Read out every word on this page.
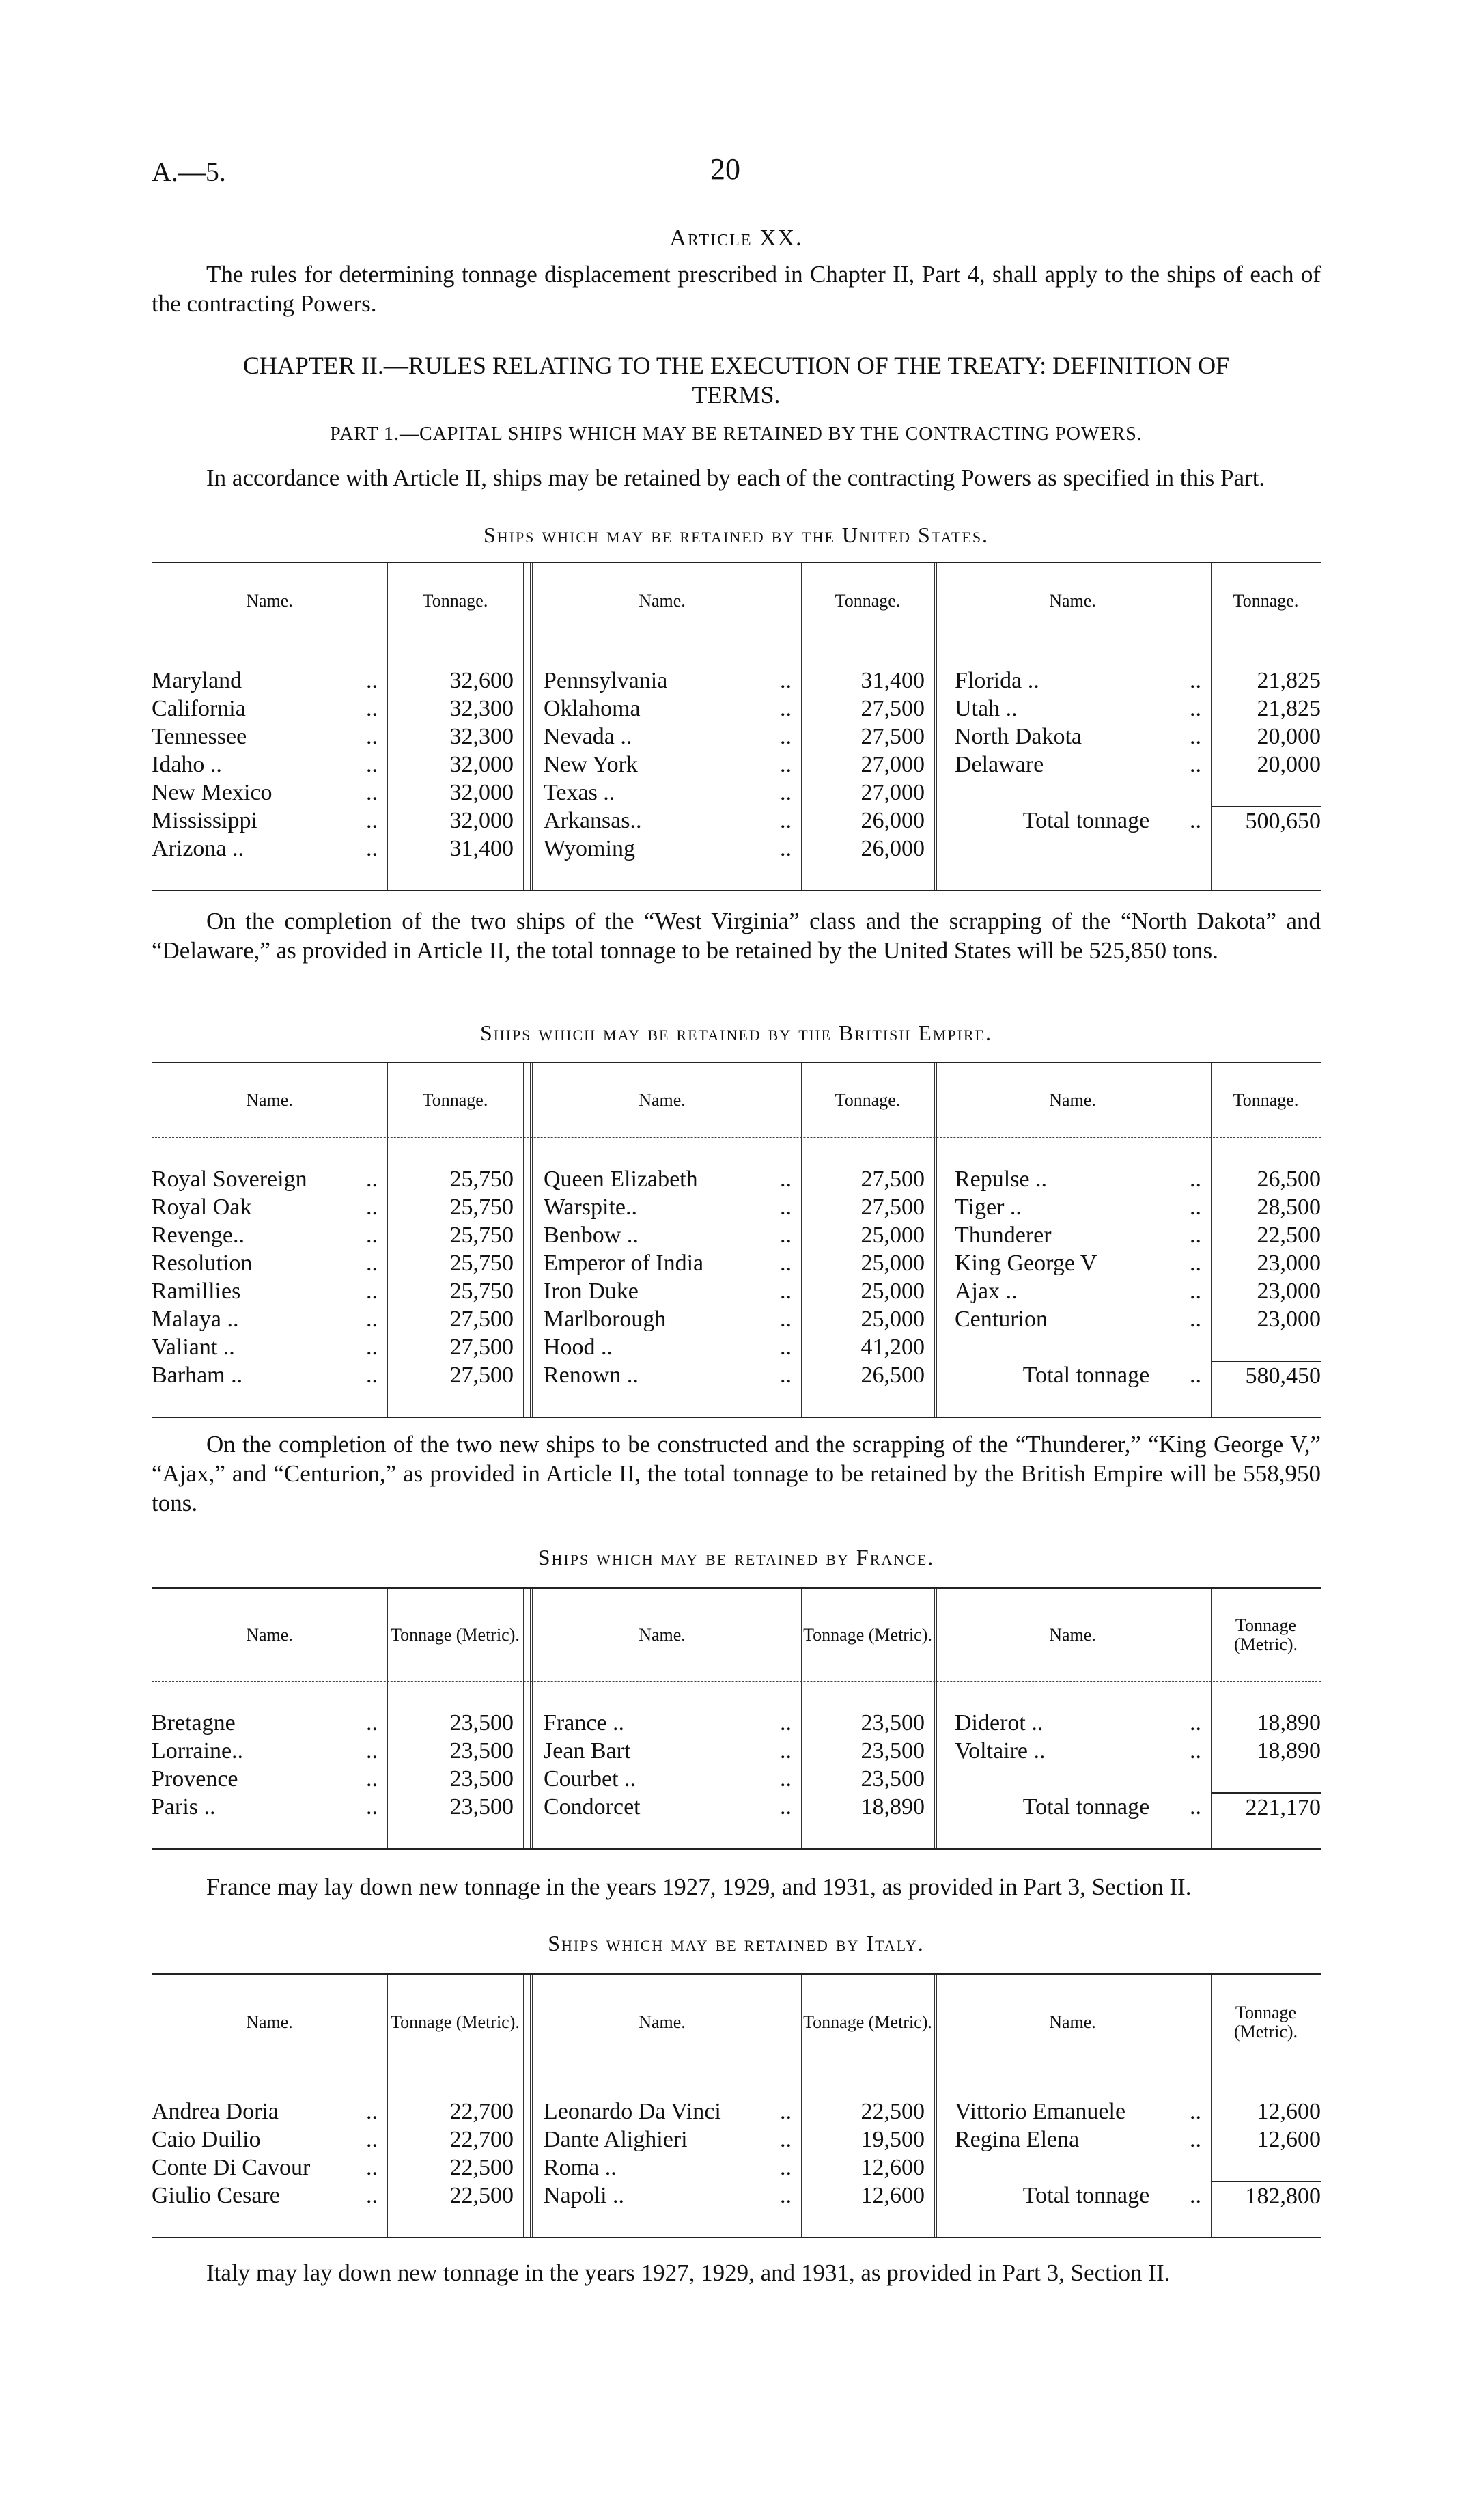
A.—5.	20
Article XX.
The rules for determining tonnage displacement prescribed in Chapter II, Part 4, shall apply to the ships of each of the contracting Powers.
CHAPTER II.—RULES RELATING TO THE EXECUTION OF THE TREATY: DEFINITION OF TERMS.
PART 1.—CAPITAL SHIPS WHICH MAY BE RETAINED BY THE CONTRACTING POWERS.
In accordance with Article II, ships may be retained by each of the contracting Powers as specified in this Part.
Ships which may be retained by the United States.
Name.	Tonnage.	Name.	Tonnage.	Name.	Tonnage.
Maryland	..	32,600	Pennsylvania	..	31,400	Florida ..	..	21,825
California	..	32,300	Oklahoma	..	27,500	Utah ..	..	21,825
Tennessee	..	32,300	Nevada ..	..	27,500	North Dakota	..	20,000
Idaho ..	..	32,000	New York	..	27,000	Delaware	..	20,000
New Mexico	..	32,000	Texas ..	..	27,000
Mississippi	..	32,000	Arkansas..	..	26,000	Total tonnage ..	500,650
Arizona ..	..	31,400	Wyoming	..	26,000
On the completion of the two ships of the “West Virginia” class and the scrapping of the “North Dakota” and “Delaware,” as provided in Article II, the total tonnage to be retained by the United States will be 525,850 tons.
Ships which may be retained by the British Empire.
Name.	Tonnage.	Name.	Tonnage.	Name.	Tonnage.
Royal Sovereign	..	25,750	Queen Elizabeth	..	27,500	Repulse ..	..	26,500
Royal Oak	..	25,750	Warspite..	..	27,500	Tiger ..	..	28,500
Revenge..	..	25,750	Benbow ..	..	25,000	Thunderer	..	22,500
Resolution	..	25,750	Emperor of India	..	25,000	King George V	..	23,000
Ramillies	..	25,750	Iron Duke	..	25,000	Ajax ..	..	23,000
Malaya ..	..	27,500	Marlborough	..	25,000	Centurion	..	23,000
Valiant ..	..	27,500	Hood ..	..	41,200
Barham ..	..	27,500	Renown ..	..	26,500	Total tonnage ..	580,450
On the completion of the two new ships to be constructed and the scrapping of the “Thunderer,” “King George V,” “Ajax,” and “Centurion,” as provided in Article II, the total tonnage to be retained by the British Empire will be 558,950 tons.
Ships which may be retained by France.
Name.	Tonnage (Metric).	Name.	Tonnage (Metric).	Name.	Tonnage (Metric).
Bretagne	..	23,500	France ..	..	23,500	Diderot ..	..	18,890
Lorraine..	..	23,500	Jean Bart	..	23,500	Voltaire ..	..	18,890
Provence	..	23,500	Courbet ..	..	23,500
Paris ..	..	23,500	Condorcet	..	18,890	Total tonnage ..	221,170
France may lay down new tonnage in the years 1927, 1929, and 1931, as provided in Part 3, Section II.
Ships which may be retained by Italy.
Name.	Tonnage (Metric).	Name.	Tonnage (Metric).	Name.	Tonnage (Metric).
Andrea Doria	..	22,700	Leonardo Da Vinci	..	22,500	Vittorio Emanuele	..	12,600
Caio Duilio	..	22,700	Dante Alighieri	..	19,500	Regina Elena	..	12,600
Conte Di Cavour ..	22,500	Roma ..	..	12,600
Giulio Cesare	..	22,500	Napoli ..	..	12,600	Total tonnage ..	182,800
Italy may lay down new tonnage in the years 1927, 1929, and 1931, as provided in Part 3, Section II.
